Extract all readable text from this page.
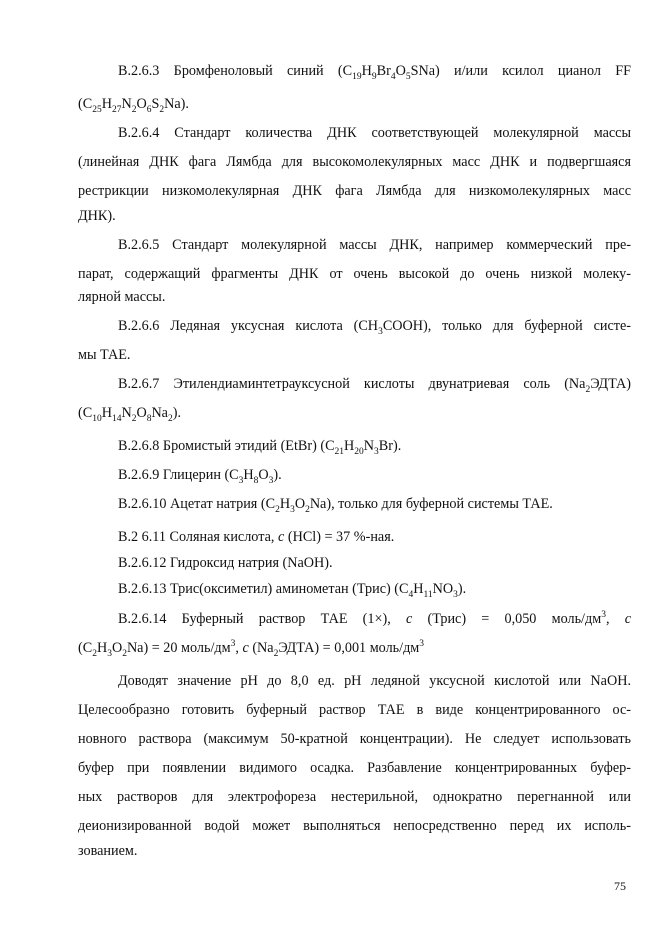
В.2.6.3 Бромфеноловый синий $(C_{19}H_9Br_4O_5SNa)$ и/или ксилол цианол FF
$(C_{25}H_{27}N_2O_6S_2Na)$.
В.2.6.4 Стандарт количества ДНК соответствующей молекулярной массы
(линейная ДНК фага Лямбда для высокомолекулярных масс ДНК и подвергшаяся
рестрикции низкомолекулярная ДНК фага Лямбда для низкомолекулярных масс
ДНК).
В.2.6.5 Стандарт молекулярной массы ДНК, например коммерческий пре-
парат, содержащий фрагменты ДНК от очень высокой до очень низкой молеку-
лярной массы.
В.2.6.6 Ледяная уксусная кислота $(CH_3COOH)$, только для буферной систе-
мы ТАЕ.
В.2.6.7 Этилендиаминтетрауксусной кислоты двунатриевая соль $(Na_2ЭДТА)$
$(C_{10}H_{14}N_2O_8Na_2)$.
В.2.6.8 Бромистый этидий (EtBr) $(C_{21}H_{20}N_3Br)$.
В.2.6.9 Глицерин $(C_3H_8O_3)$.
В.2.6.10 Ацетат натрия $(C_2H_3O_2Na)$, только для буферной системы ТАЕ.
В.2 6.11 Соляная кислота, с (HCl) = 37 %-ная.
В.2.6.12 Гидроксид натрия (NaOH).
В.2.6.13 Трис(оксиметил) аминометан (Трис) $(C_4H_{11}NO_3)$.
В.2.6.14 Буферный раствор ТАЕ (1×), с (Трис) = 0,050 моль/$дм^3$, с
$(C_2H_3O_2Na) = 20$ моль/$дм^3$, с $(Na_2ЭДТА) = 0,001$ моль/$дм^3$
Доводят значение pH до 8,0 ед. pH ледяной уксусной кислотой или NaOH.
Целесообразно готовить буферный раствор ТАЕ в виде концентрированного ос-
новного раствора (максимум 50-кратной концентрации). Не следует использовать
буфер при появлении видимого осадка. Разбавление концентрированных буфер-
ных растворов для электрофореза нестерильной, однократно перегнанной или
деионизированной водой может выполняться непосредственно перед их исполь-
зованием.
75
